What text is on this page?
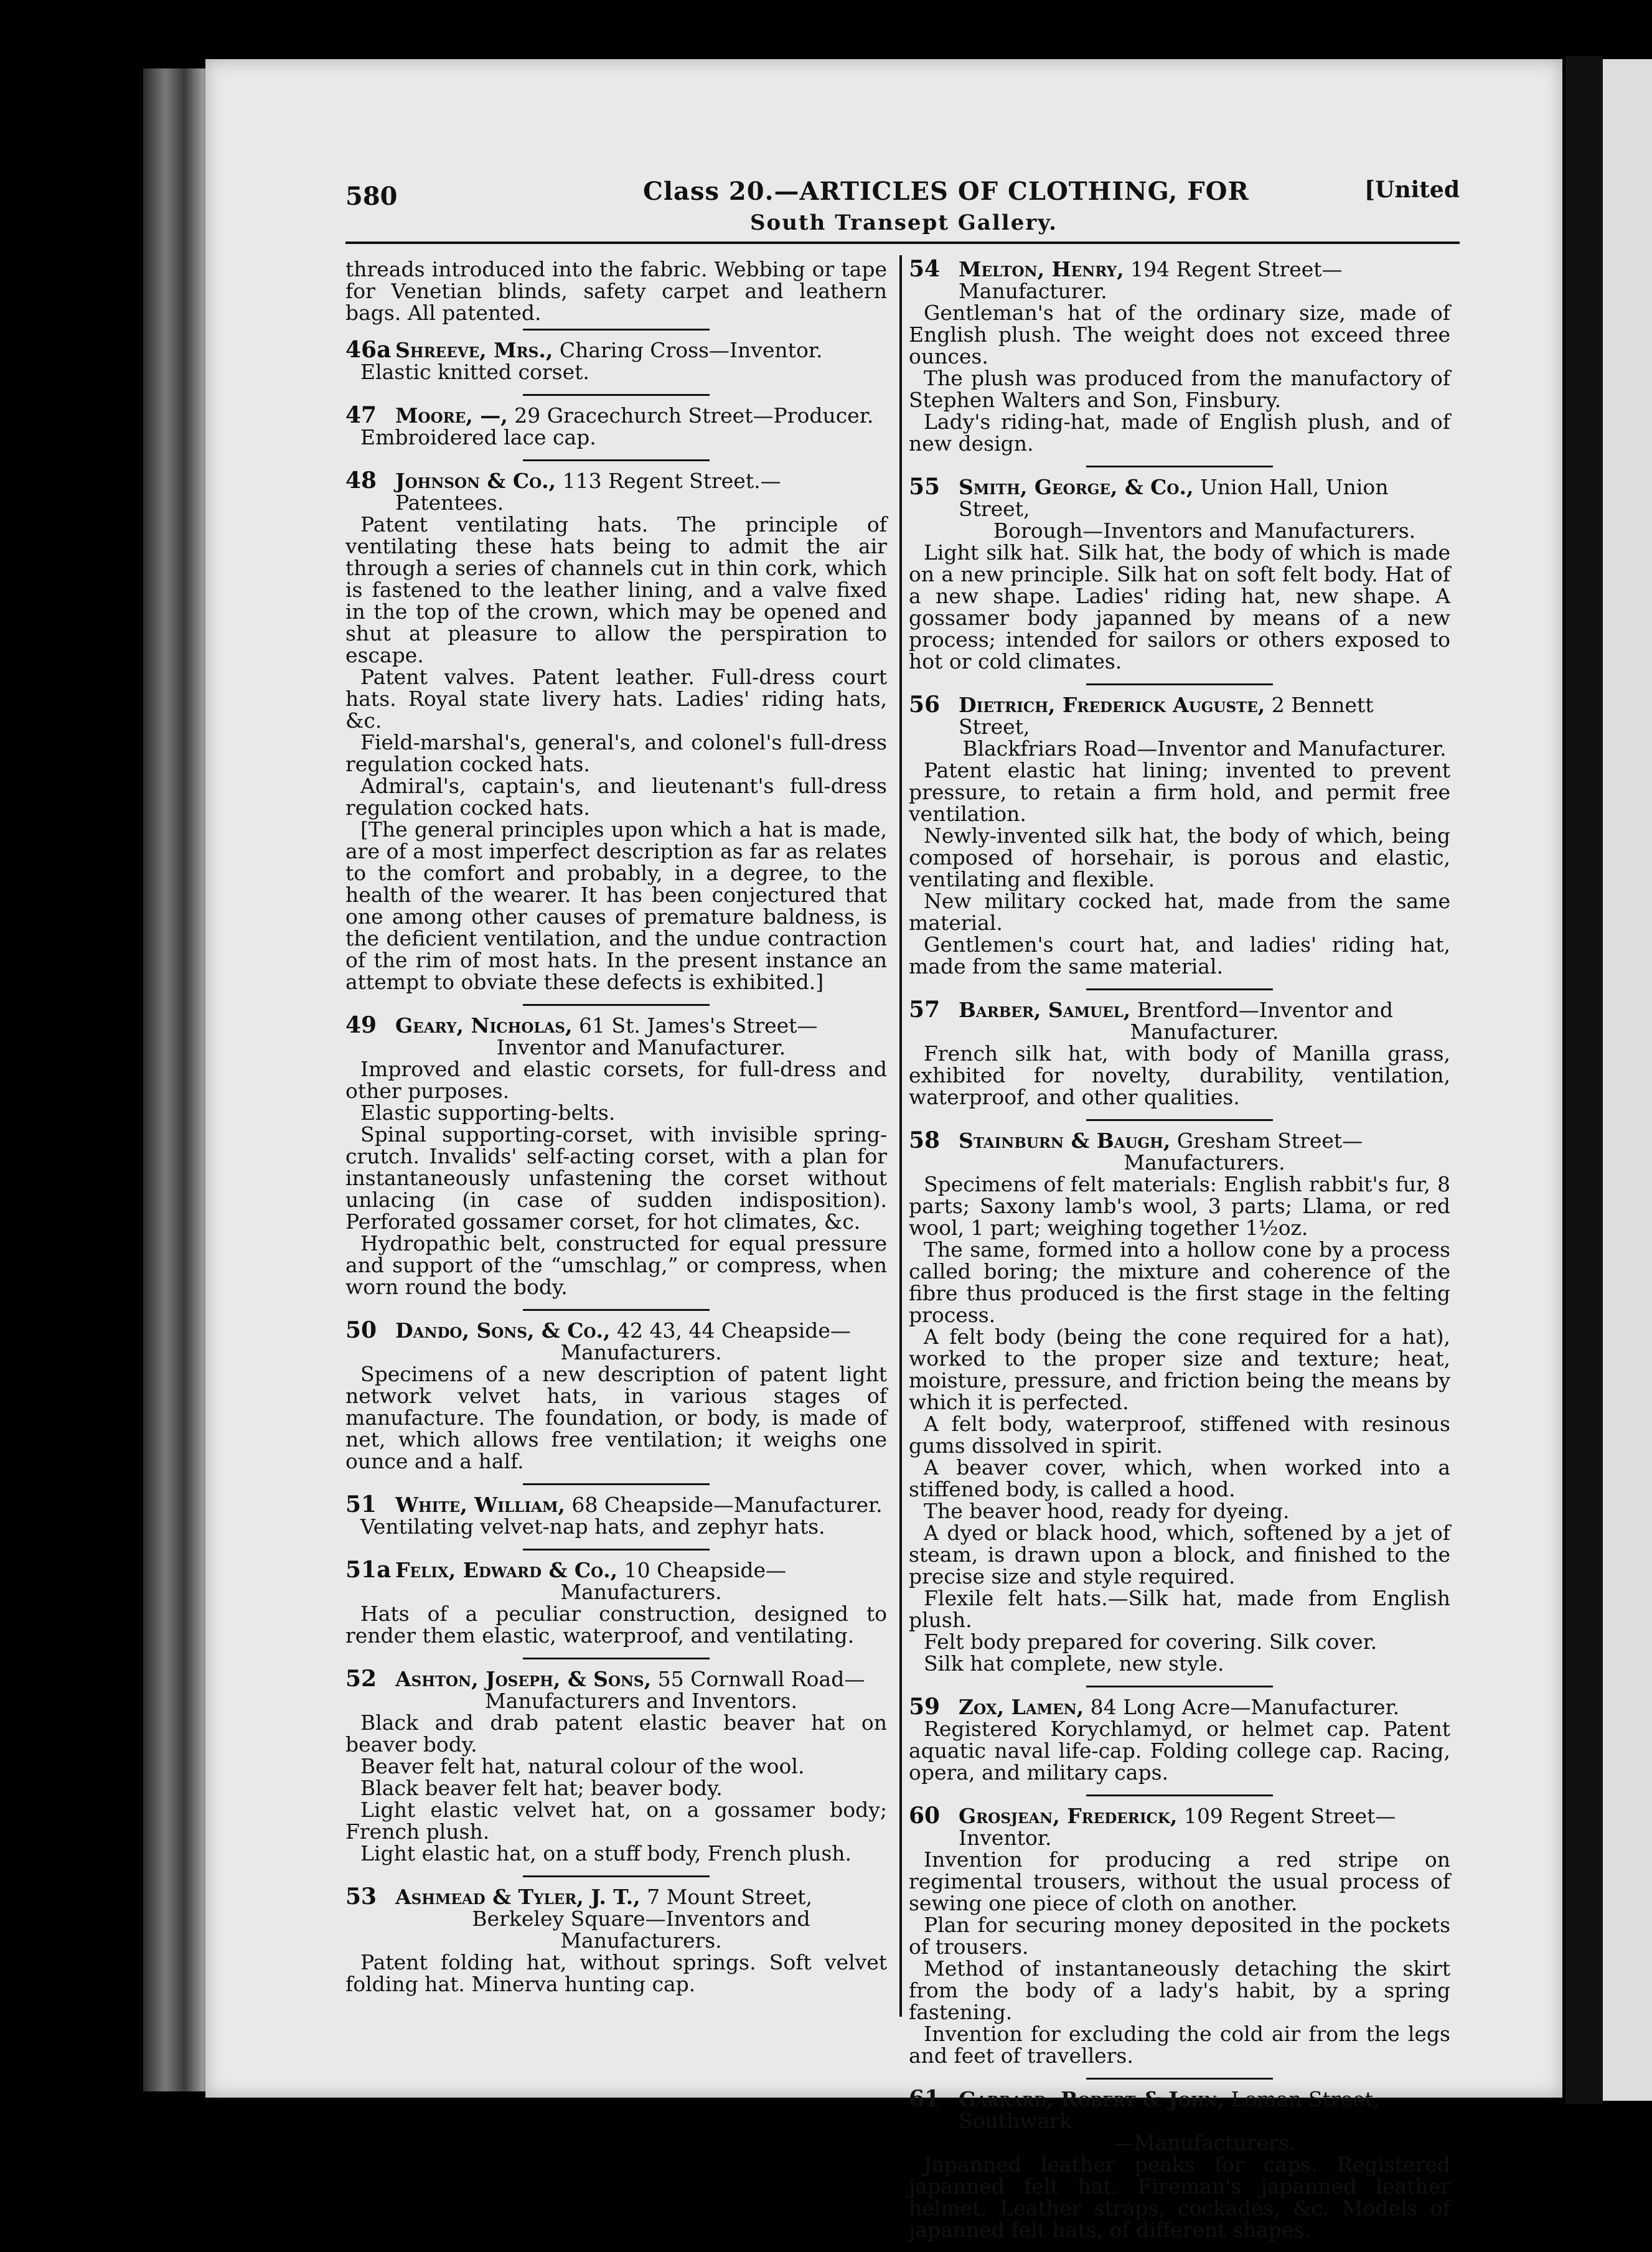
580	Class 20.—ARTICLES OF CLOTHING, FOR	[United
South Transept Gallery.

threads introduced into the fabric. Webbing or tape for Venetian blinds, safety carpet and leathern bags. All patented.

46a Shreeve, Mrs., Charing Cross—Inventor.

Elastic knitted corset.

47 Moore, —, 29 Gracechurch Street—Producer.

Embroidered lace cap.

48 Johnson & Co., 113 Regent Street.—Patentees.

Patent ventilating hats. The principle of ventilating these hats being to admit the air through a series of channels cut in thin cork, which is fastened to the leather lining, and a valve fixed in the top of the crown, which may be opened and shut at pleasure to allow the perspiration to escape.

Patent valves. Patent leather. Full-dress court hats. Royal state livery hats. Ladies' riding hats, &c.

Field-marshal's, general's, and colonel's full-dress regulation cocked hats.

Admiral's, captain's, and lieutenant's full-dress regulation cocked hats.

[The general principles upon which a hat is made, are of a most imperfect description as far as relates to the comfort and probably, in a degree, to the health of the wearer. It has been conjectured that one among other causes of premature baldness, is the deficient ventilation, and the undue contraction of the rim of most hats. In the present instance an attempt to obviate these defects is exhibited.]

49 Geary, Nicholas, 61 St. James's Street—
Inventor and Manufacturer.

Improved and elastic corsets, for full-dress and other purposes.

Elastic supporting-belts.

Spinal supporting-corset, with invisible spring-crutch. Invalids' self-acting corset, with a plan for instantaneously unfastening the corset without unlacing (in case of sudden indisposition). Perforated gossamer corset, for hot climates, &c.

Hydropathic belt, constructed for equal pressure and support of the “umschlag,” or compress, when worn round the body.

50 Dando, Sons, & Co., 42 43, 44 Cheapside—
Manufacturers.

Specimens of a new description of patent light network velvet hats, in various stages of manufacture. The foundation, or body, is made of net, which allows free ventilation; it weighs one ounce and a half.

51 White, William, 68 Cheapside—Manufacturer.

Ventilating velvet-nap hats, and zephyr hats.

51a Felix, Edward & Co., 10 Cheapside—
Manufacturers.

Hats of a peculiar construction, designed to render them elastic, waterproof, and ventilating.

52 Ashton, Joseph, & Sons, 55 Cornwall Road—
Manufacturers and Inventors.

Black and drab patent elastic beaver hat on beaver body.

Beaver felt hat, natural colour of the wool.

Black beaver felt hat; beaver body.

Light elastic velvet hat, on a gossamer body; French plush.

Light elastic hat, on a stuff body, French plush.

53 Ashmead & Tyler, J. T., 7 Mount Street,
Berkeley Square—Inventors and Manufacturers.

Patent folding hat, without springs. Soft velvet folding hat. Minerva hunting cap.

54 Melton, Henry, 194 Regent Street—Manufacturer.

Gentleman's hat of the ordinary size, made of English plush. The weight does not exceed three ounces.

The plush was produced from the manufactory of Stephen Walters and Son, Finsbury.

Lady's riding-hat, made of English plush, and of new design.

55 Smith, George, & Co., Union Hall, Union Street,
Borough—Inventors and Manufacturers.

Light silk hat. Silk hat, the body of which is made on a new principle. Silk hat on soft felt body. Hat of a new shape. Ladies' riding hat, new shape. A gossamer body japanned by means of a new process; intended for sailors or others exposed to hot or cold climates.

56 Dietrich, Frederick Auguste, 2 Bennett Street,
Blackfriars Road—Inventor and Manufacturer.

Patent elastic hat lining; invented to prevent pressure, to retain a firm hold, and permit free ventilation.

Newly-invented silk hat, the body of which, being composed of horsehair, is porous and elastic, ventilating and flexible.

New military cocked hat, made from the same material.

Gentlemen's court hat, and ladies' riding hat, made from the same material.

57 Barber, Samuel, Brentford—Inventor and
Manufacturer.

French silk hat, with body of Manilla grass, exhibited for novelty, durability, ventilation, waterproof, and other qualities.

58 Stainburn & Baugh, Gresham Street—
Manufacturers.

Specimens of felt materials: English rabbit's fur, 8 parts; Saxony lamb's wool, 3 parts; Llama, or red wool, 1 part; weighing together 1½oz.

The same, formed into a hollow cone by a process called boring; the mixture and coherence of the fibre thus produced is the first stage in the felting process.

A felt body (being the cone required for a hat), worked to the proper size and texture; heat, moisture, pressure, and friction being the means by which it is perfected.

A felt body, waterproof, stiffened with resinous gums dissolved in spirit.

A beaver cover, which, when worked into a stiffened body, is called a hood.

The beaver hood, ready for dyeing.

A dyed or black hood, which, softened by a jet of steam, is drawn upon a block, and finished to the precise size and style required.

Flexile felt hats.—Silk hat, made from English plush.

Felt body prepared for covering. Silk cover.

Silk hat complete, new style.

59 Zox, Lamen, 84 Long Acre—Manufacturer.

Registered Korychlamyd, or helmet cap. Patent aquatic naval life-cap. Folding college cap. Racing, opera, and military caps.

60 Grosjean, Frederick, 109 Regent Street—Inventor.

Invention for producing a red stripe on regimental trousers, without the usual process of sewing one piece of cloth on another.

Plan for securing money deposited in the pockets of trousers.

Method of instantaneously detaching the skirt from the body of a lady's habit, by a spring fastening.

Invention for excluding the cold air from the legs and feet of travellers.

61 Garrard, Robert & John, Loman Street, Southwark
—Manufacturers.

Japanned leather peaks for caps. Registered japanned felt hat. Fireman's japanned leather helmet. Leather straps, cockades, &c. Models of japanned felt hats, of different shapes.
